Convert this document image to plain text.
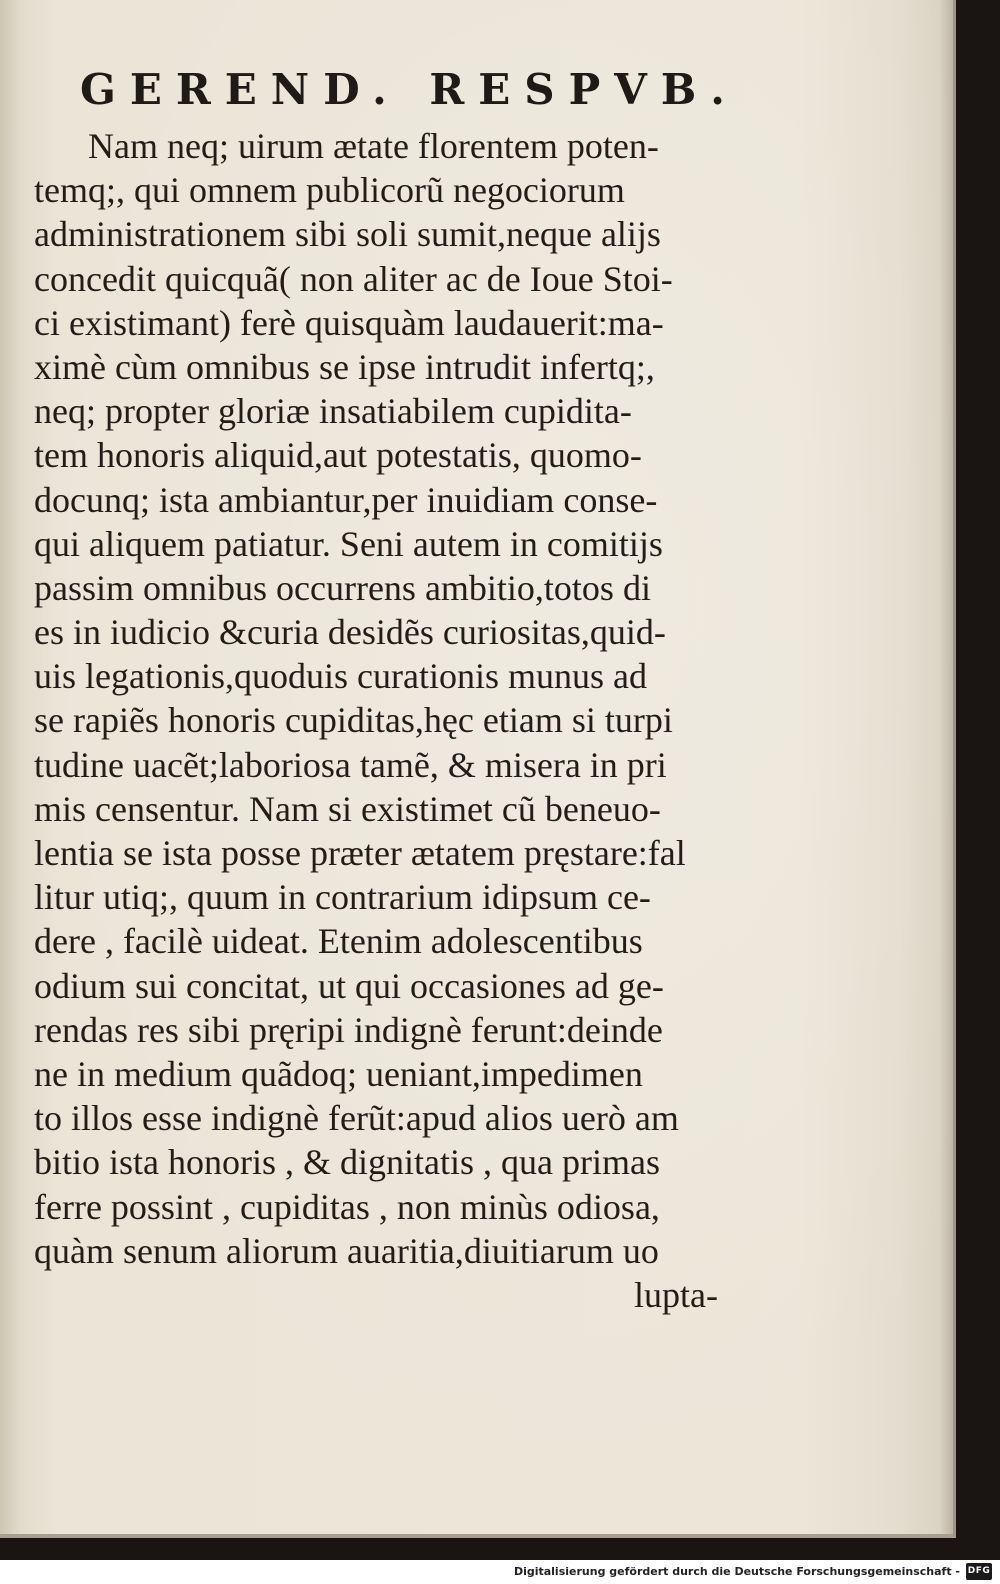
GEREND. RESPVB.
Nam neq; uirum ætate florentem poten-
temq;, qui omnem publicorũ negociorum
administrationem sibi soli sumit,neque alijs
concedit quicquã( non aliter ac de Ioue Stoi-
ci existimant) ferè quisquàm laudauerit:ma-
ximè cùm omnibus se ipse intrudit infertq;,
neq; propter gloriæ insatiabilem cupidita-
tem honoris aliquid,aut potestatis, quomo-
docunq; ista ambiantur,per inuidiam conse-
qui aliquem patiatur. Seni autem in comitijs
passim omnibus occurrens ambitio,totos di
es in iudicio &curia desidẽs curiositas,quid-
uis legationis,quoduis curationis munus ad
se rapiẽs honoris cupiditas,hęc etiam si turpi
tudine uacẽt;laboriosa tamẽ, & misera in pri
mis censentur. Nam si existimet cũ beneuo-
lentia se ista posse præter ætatem pręstare:fal
litur utiq;, quum in contrarium idipsum ce-
dere , facilè uideat. Etenim adolescentibus
odium sui concitat, ut qui occasiones ad ge-
rendas res sibi pręripi indignè ferunt:deinde
ne in medium quãdoq; ueniant,impedimen
to illos esse indignè ferũt:apud alios uerò am
bitio ista honoris , & dignitatis , qua primas
ferre possint , cupiditas , non minùs odiosa,
quàm senum aliorum auaritia,diuitiarum uo
lupta-
Digitalisierung gefördert durch die Deutsche Forschungsgemeinschaft - DFG
